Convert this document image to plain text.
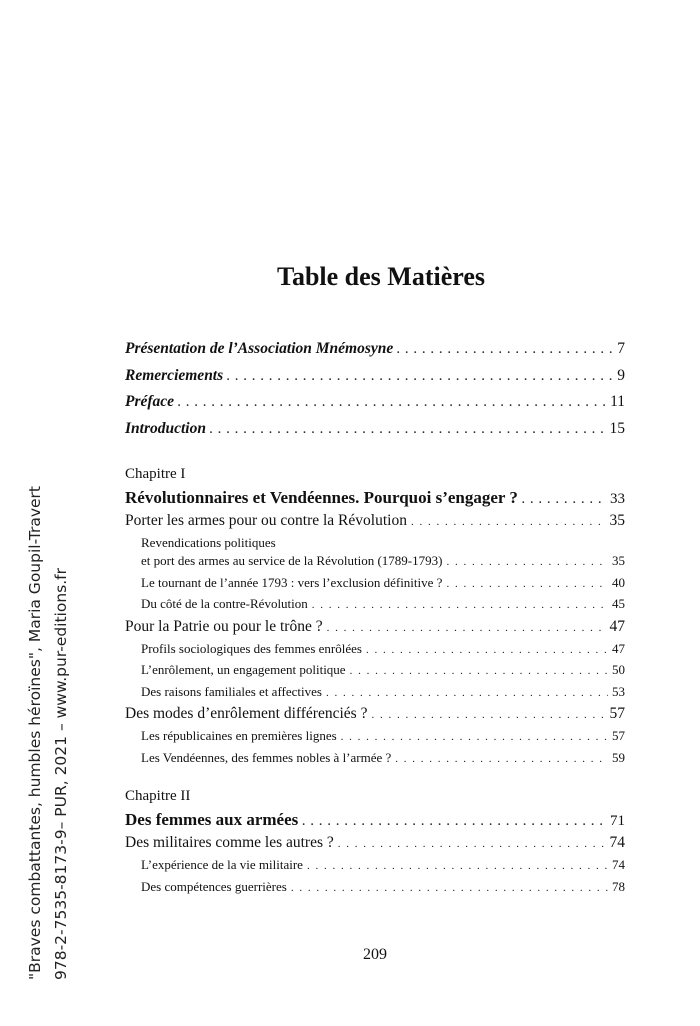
Table des Matières
Présentation de l’Association Mnémosyne . . .	7
Remerciements . . .	9
Préface . . .	11
Introduction . . .	15
Chapitre I
Révolutionnaires et Vendéennes. Pourquoi s’engager ? . . .	33
Porter les armes pour ou contre la Révolution . . .	35
Revendications politiques
et port des armes au service de la Révolution (1789-1793) . . .	35
Le tournant de l’année 1793 : vers l’exclusion définitive ? . . .	40
Du côté de la contre-Révolution . . .	45
Pour la Patrie ou pour le trône ? . . .	47
Profils sociologiques des femmes enrôlées . . .	47
L’enrôlement, un engagement politique . . .	50
Des raisons familiales et affectives . . .	53
Des modes d’enrôlement différenciés ? . . .	57
Les républicaines en premières lignes . . .	57
Les Vendéennes, des femmes nobles à l’armée ? . . .	59
Chapitre II
Des femmes aux armées . . .	71
Des militaires comme les autres ? . . .	74
L’expérience de la vie militaire . . .	74
Des compétences guerrières . . .	78
209
"Braves combattantes, humbles héroïnes", Maria Goupil-Travert 978-2-7535-8173-9– PUR, 2021 – www.pur-editions.fr
